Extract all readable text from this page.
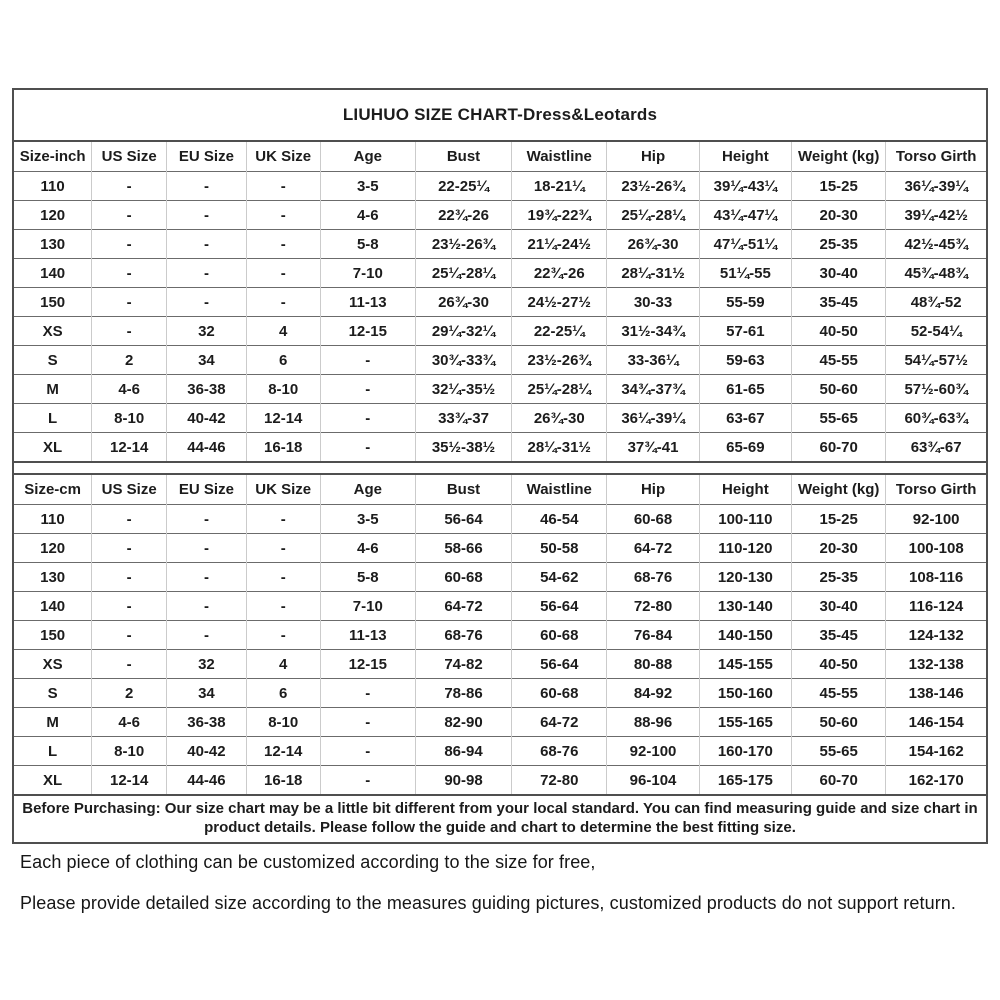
LIUHUO SIZE CHART-Dress&Leotards
Size-inch	US Size	EU Size	UK Size	Age	Bust	Waistline	Hip	Height	Weight (kg)	Torso Girth
110	-	-	-	3-5	22-25¼	18-21¼	23½-26¾	39¼-43¼	15-25	36¼-39¼
120	-	-	-	4-6	22¾-26	19¾-22¾	25¼-28¼	43¼-47¼	20-30	39¼-42½
130	-	-	-	5-8	23½-26¾	21¼-24½	26¾-30	47¼-51¼	25-35	42½-45¾
140	-	-	-	7-10	25¼-28¼	22¾-26	28¼-31½	51¼-55	30-40	45¾-48¾
150	-	-	-	11-13	26¾-30	24½-27½	30-33	55-59	35-45	48¾-52
XS	-	32	4	12-15	29¼-32¼	22-25¼	31½-34¾	57-61	40-50	52-54¼
S	2	34	6	-	30¾-33¾	23½-26¾	33-36¼	59-63	45-55	54¼-57½
M	4-6	36-38	8-10	-	32¼-35½	25¼-28¼	34¾-37¾	61-65	50-60	57½-60¾
L	8-10	40-42	12-14	-	33¾-37	26¾-30	36¼-39¼	63-67	55-65	60¾-63¾
XL	12-14	44-46	16-18	-	35½-38½	28¼-31½	37¾-41	65-69	60-70	63¾-67
Size-cm	US Size	EU Size	UK Size	Age	Bust	Waistline	Hip	Height	Weight (kg)	Torso Girth
110	-	-	-	3-5	56-64	46-54	60-68	100-110	15-25	92-100
120	-	-	-	4-6	58-66	50-58	64-72	110-120	20-30	100-108
130	-	-	-	5-8	60-68	54-62	68-76	120-130	25-35	108-116
140	-	-	-	7-10	64-72	56-64	72-80	130-140	30-40	116-124
150	-	-	-	11-13	68-76	60-68	76-84	140-150	35-45	124-132
XS	-	32	4	12-15	74-82	56-64	80-88	145-155	40-50	132-138
S	2	34	6	-	78-86	60-68	84-92	150-160	45-55	138-146
M	4-6	36-38	8-10	-	82-90	64-72	88-96	155-165	50-60	146-154
L	8-10	40-42	12-14	-	86-94	68-76	92-100	160-170	55-65	154-162
XL	12-14	44-46	16-18	-	90-98	72-80	96-104	165-175	60-70	162-170
Before Purchasing: Our size chart may be a little bit different from your local standard. You can find measuring guide and size chart in product details. Please follow the guide and chart to determine the best fitting size.

Each piece of clothing can be customized according to the size for free,

Please provide detailed size according to the measures guiding pictures, customized products do not support return.
